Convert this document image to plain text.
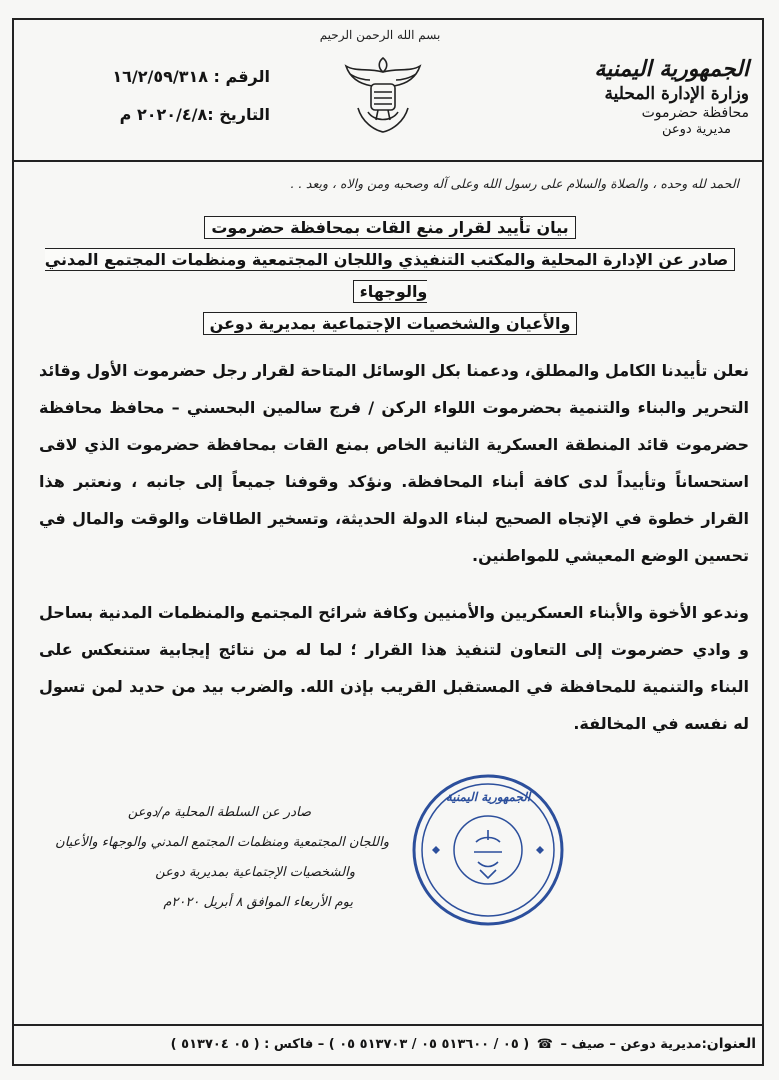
بسم الله الرحمن الرحيم
الجمهورية اليمنية
وزارة الإدارة المحلية
محافظة حضرموت
مديرية دوعن
الرقم : ١٦/٢/٥٩/٣١٨
التاريخ :٢٠٢٠/٤/٨ م
الحمد لله وحده ، والصلاة والسلام على رسول الله وعلى آله وصحبه ومن والاه ، وبعد . .
بيان تأييد لقرار منع القات بمحافظة حضرموت
صادر عن الإدارة المحلية والمكتب التنفيذي واللجان المجتمعية ومنظمات المجتمع المدني والوجهاء
والأعيان والشخصيات الإجتماعية بمديرية دوعن
نعلن تأييدنا الكامل والمطلق، ودعمنا بكل الوسائل المتاحة لقرار رجل حضرموت الأول وقائد التحرير والبناء والتنمية بحضرموت اللواء الركن / فرج سالمين البحسني – محافظ محافظة حضرموت قائد المنطقة العسكرية الثانية الخاص بمنع القات بمحافظة حضرموت الذي لاقى استحساناً وتأييداً لدى كافة أبناء المحافظة. ونؤكد وقوفنا جميعاً إلى جانبه ، ونعتبر هذا القرار خطوة في الإتجاه الصحيح لبناء الدولة الحديثة، وتسخير الطاقات والوقت والمال في تحسين الوضع المعيشي للمواطنين.
وندعو الأخوة والأبناء العسكريين والأمنيين وكافة شرائح المجتمع والمنظمات المدنية بساحل و وادي حضرموت إلى التعاون لتنفيذ هذا القرار ؛ لما له من نتائج إيجابية ستنعكس على البناء والتنمية للمحافظة في المستقبل القريب بإذن الله. والضرب بيد من حديد لمن تسول له نفسه في المخالفة.
صادر عن السلطة المحلية م/دوعن
واللجان المجتمعية ومنظمات المجتمع المدني والوجهاء والأعيان
والشخصيات الإجتماعية بمديرية دوعن
يوم الأربعاء الموافق ٨ أبريل ٢٠٢٠م
الجمهورية اليمنية
العنوان:مديرية دوعن – صيف – ☎ ( ٠٥ / ٥١٣٦٠٠ ٠٥ / ٥١٣٧٠٣ ٠٥ ) – فاكس : ( ٠٥ ٥١٣٧٠٤ )
